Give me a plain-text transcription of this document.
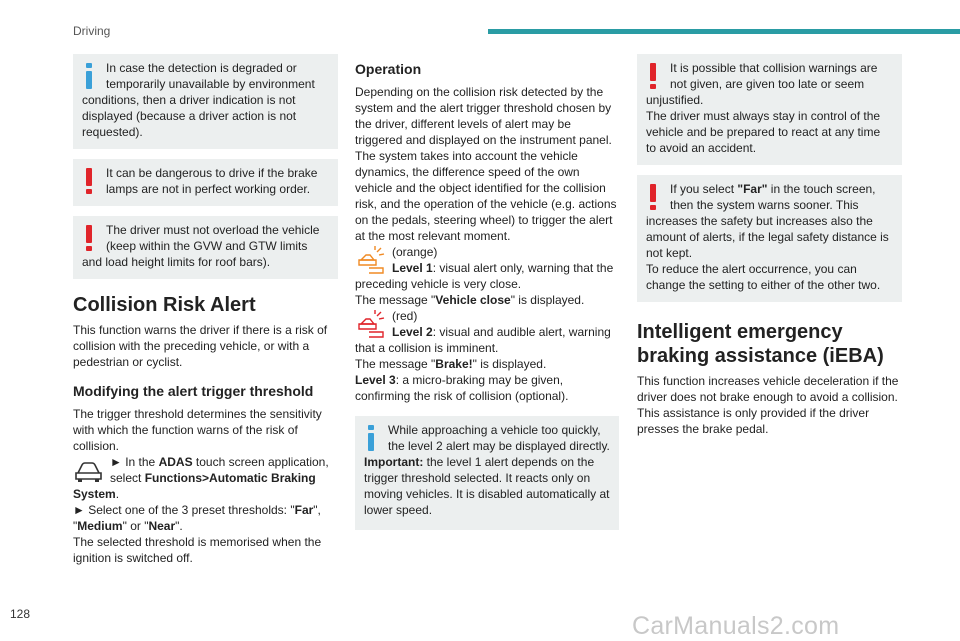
Driving

In case the detection is degraded or temporarily unavailable by environment conditions, then a driver indication is not displayed (because a driver action is not requested).

It can be dangerous to drive if the brake lamps are not in perfect working order.

The driver must not overload the vehicle (keep within the GVW and GTW limits and load height limits for roof bars).

Collision Risk Alert

This function warns the driver if there is a risk of collision with the preceding vehicle, or with a pedestrian or cyclist.

Modifying the alert trigger threshold

The trigger threshold determines the sensitivity with which the function warns of the risk of collision.

► In the ADAS touch screen application, select Functions>Automatic Braking System.

► Select one of the 3 preset thresholds: "Far", "Medium" or "Near".

The selected threshold is memorised when the ignition is switched off.

Operation

Depending on the collision risk detected by the system and the alert trigger threshold chosen by the driver, different levels of alert may be triggered and displayed on the instrument panel. The system takes into account the vehicle dynamics, the difference speed of the own vehicle and the object identified for the collision risk, and the operation of the vehicle (e.g. actions on the pedals, steering wheel) to trigger the alert at the most relevant moment.

(orange)
Level 1: visual alert only, warning that the preceding vehicle is very close.
The message "Vehicle close" is displayed.

(red)
Level 2: visual and audible alert, warning that a collision is imminent.
The message "Brake!" is displayed.

Level 3: a micro-braking may be given, confirming the risk of collision (optional).

While approaching a vehicle too quickly, the level 2 alert may be displayed directly.

Important: the level 1 alert depends on the trigger threshold selected. It reacts only on moving vehicles. It is disabled automatically at lower speed.

It is possible that collision warnings are not given, are given too late or seem unjustified.

The driver must always stay in control of the vehicle and be prepared to react at any time to avoid an accident.

If you select "Far" in the touch screen, then the system warns sooner. This increases the safety but increases also the amount of alerts, if the legal safety distance is not kept.

To reduce the alert occurrence, you can change the setting to either of the other two.

Intelligent emergency braking assistance (iEBA)

This function increases vehicle deceleration if the driver does not brake enough to avoid a collision.

This assistance is only provided if the driver presses the brake pedal.

128	CarManuals2.com
